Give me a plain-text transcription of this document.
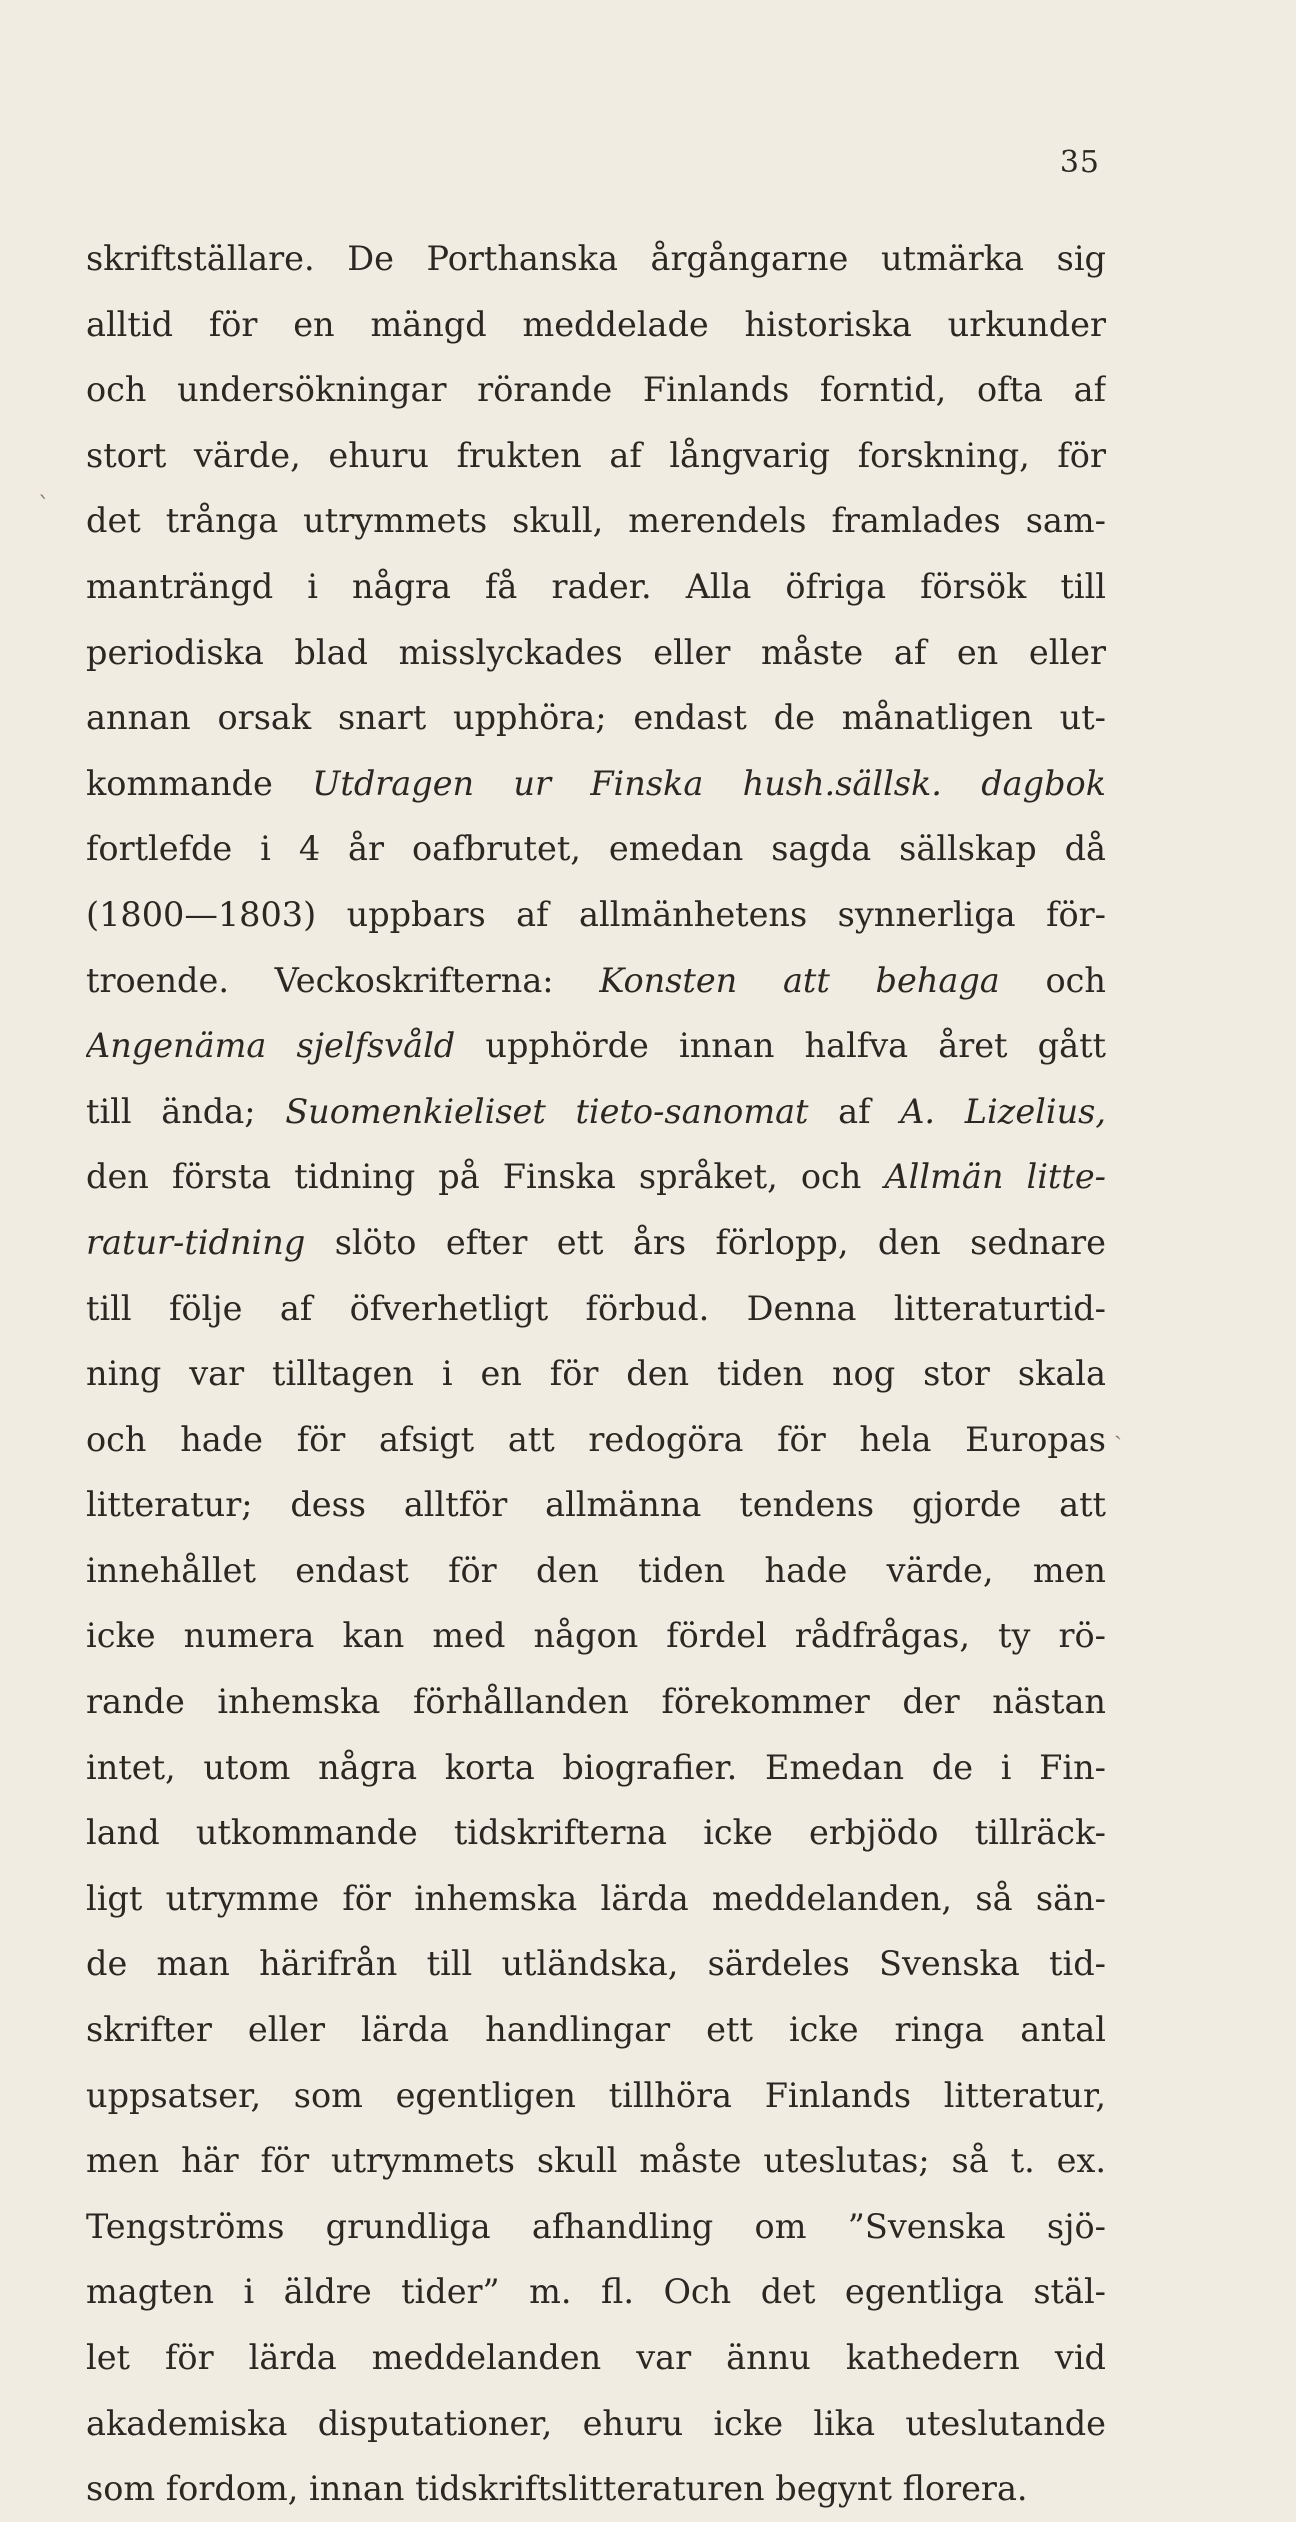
35
ˋ
ˏ
skriftställare. De Porthanska årgångarne utmärka sig
alltid för en mängd meddelade historiska urkunder
och undersökningar rörande Finlands forntid, ofta af
stort värde, ehuru frukten af långvarig forskning, för
det trånga utrymmets skull, merendels framlades sam-
manträngd i några få rader. Alla öfriga försök till
periodiska blad misslyckades eller måste af en eller
annan orsak snart upphöra; endast de månatligen ut-
kommande Utdragen ur Finska hush.sällsk. dagbok
fortlefde i 4 år oafbrutet, emedan sagda sällskap då
(1800—1803) uppbars af allmänhetens synnerliga för-
troende. Veckoskrifterna: Konsten att behaga och
Angenäma sjelfsvåld upphörde innan halfva året gått
till ända; Suomenkieliset tieto-sanomat af A. Lizelius,
den första tidning på Finska språket, och Allmän litte-
ratur-tidning slöto efter ett års förlopp, den sednare
till följe af öfverhetligt förbud. Denna litteraturtid-
ning var tilltagen i en för den tiden nog stor skala
och hade för afsigt att redogöra för hela Europas
litteratur; dess alltför allmänna tendens gjorde att
innehållet endast för den tiden hade värde, men
icke numera kan med någon fördel rådfrågas, ty rö-
rande inhemska förhållanden förekommer der nästan
intet, utom några korta biografier. Emedan de i Fin-
land utkommande tidskrifterna icke erbjödo tillräck-
ligt utrymme för inhemska lärda meddelanden, så sän-
de man härifrån till utländska, särdeles Svenska tid-
skrifter eller lärda handlingar ett icke ringa antal
uppsatser, som egentligen tillhöra Finlands litteratur,
men här för utrymmets skull måste uteslutas; så t. ex.
Tengströms grundliga afhandling om ”Svenska sjö-
magten i äldre tider” m. fl. Och det egentliga stäl-
let för lärda meddelanden var ännu kathedern vid
akademiska disputationer, ehuru icke lika uteslutande
som fordom, innan tidskriftslitteraturen begynt florera.
